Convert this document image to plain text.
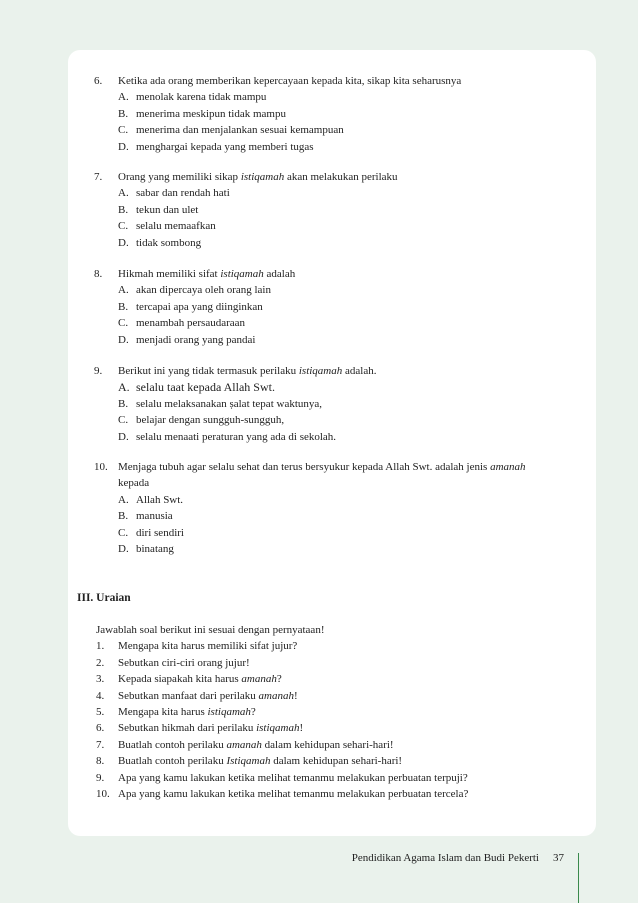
6.	Ketika ada orang memberikan kepercayaan kepada kita, sikap kita seharusnya
A. menolak karena tidak mampu
B. menerima meskipun tidak mampu
C. menerima dan menjalankan sesuai kemampuan
D. menghargai kepada yang memberi tugas
7.	Orang yang memiliki sikap istiqamah akan melakukan perilaku
A. sabar dan rendah hati
B. tekun dan ulet
C. selalu memaafkan
D. tidak sombong
8.	Hikmah memiliki sifat istiqamah adalah
A. akan dipercaya oleh orang lain
B. tercapai apa yang diinginkan
C. menambah persaudaraan
D. menjadi orang yang pandai
9.	Berikut ini yang tidak termasuk perilaku istiqamah adalah.
A. selalu taat kepada Allah Swt.
B. selalu melaksanakan ṣalat tepat waktunya,
C. belajar dengan sungguh-sungguh,
D. selalu menaati peraturan yang ada di sekolah.
10. Menjaga tubuh agar selalu sehat dan terus bersyukur kepada Allah Swt. adalah jenis amanah
kepada
A. Allah Swt.
B. manusia
C. diri sendiri
D. binatang
III. Uraian
Jawablah soal berikut ini sesuai dengan pernyataan!
1.	Mengapa kita harus memiliki sifat jujur?
2.	Sebutkan ciri-ciri orang jujur!
3.	Kepada siapakah kita harus amanah?
4.	Sebutkan manfaat dari perilaku amanah!
5.	Mengapa kita harus istiqamah?
6.	Sebutkan hikmah dari perilaku istiqamah!
7.	Buatlah contoh perilaku amanah dalam kehidupan sehari-hari!
8.	Buatlah contoh perilaku Istiqamah dalam kehidupan sehari-hari!
9.	Apa yang kamu lakukan ketika melihat temanmu melakukan perbuatan terpuji?
10. Apa yang kamu lakukan ketika melihat temanmu melakukan perbuatan tercela?
Pendidikan Agama Islam dan Budi Pekerti 37
